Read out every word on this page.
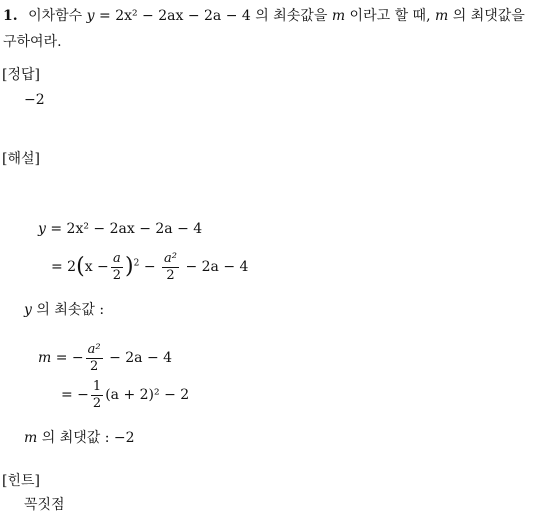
1. 이차함수 y = 2x² − 2ax − 2a − 4 의 최솟값을 m 이라고 할 때, m 의 최댓값을 구하여라.
[정답]
−2
[해설]
y = 2x² − 2ax − 2a − 4
= $2(x - \frac{a}{2} )^2 - \frac{\text{a²}}{2} - 2a - 4$
y 의 최솟값 :
m = − $\frac{\text{a²}}{2} - 2a - 4$
= − $\frac{1}{2} (a + 2)^2 - 2$
m 의 최댓값 : −2
[힌트]
꼭짓점
